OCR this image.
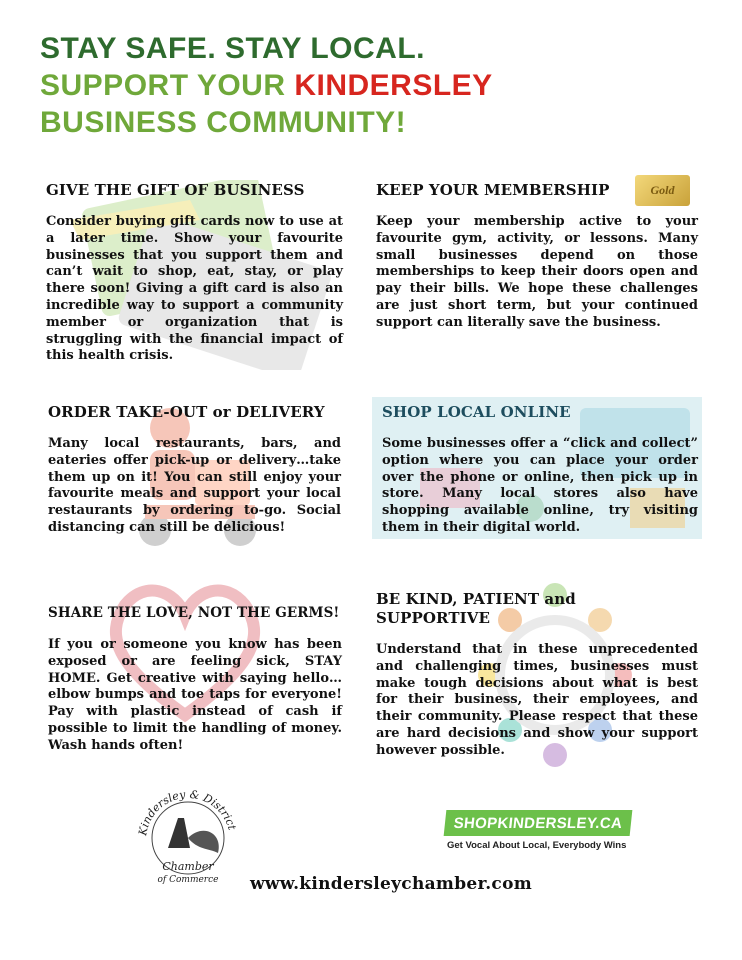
STAY SAFE. STAY LOCAL.
SUPPORT YOUR KINDERSLEY
BUSINESS COMMUNITY!
Gold
GIVE THE GIFT OF BUSINESS

Consider buying gift cards now to use at a later time. Show your favourite businesses that you support them and can’t wait to shop, eat, stay, or play there soon! Giving a gift card is also an incredible way to support a community member or organization that is struggling with the financial impact of this health crisis.

KEEP YOUR MEMBERSHIP

Keep your membership active to your favourite gym, activity, or lessons. Many small businesses depend on those memberships to keep their doors open and pay their bills. We hope these challenges are just short term, but your continued support can literally save the business.

ORDER TAKE-OUT or DELIVERY

Many local restaurants, bars, and eateries offer pick-up or delivery…take them up on it! You can still enjoy your favourite meals and support your local restaurants by ordering to-go. Social distancing can still be delicious!

SHOP LOCAL ONLINE

Some businesses offer a “click and collect” option where you can place your order over the phone or online, then pick up in store. Many local stores also have shopping available online, try visiting them in their digital world.

SHARE THE LOVE, NOT THE GERMS!

If you or someone you know has been exposed or are feeling sick, STAY HOME. Get creative with saying hello… elbow bumps and toe taps for everyone! Pay with plastic instead of cash if possible to limit the handling of money. Wash hands often!

BE KIND, PATIENT and SUPPORTIVE

Understand that in these unprecedented and challenging times, businesses must make tough decisions about what is best for their business, their employees, and their community. Please respect that these are hard decisions and show your support however possible.

Kindersley & District
Chamber
of Commerce
SHOPKINDERSLEY.CA
Get Vocal About Local, Everybody Wins
www.kindersleychamber.com
